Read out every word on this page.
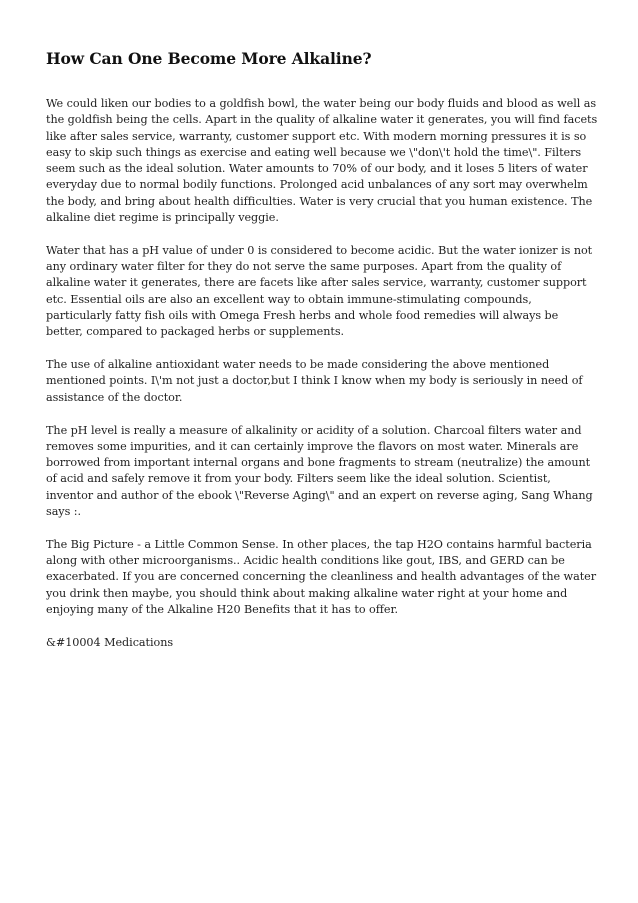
How Can One Become More Alkaline?

We could liken our bodies to a goldfish bowl, the water being our body fluids and blood as well as the goldfish being the cells. Apart in the quality of alkaline water it generates, you will find facets like after sales service, warranty, customer support etc. With modern morning pressures it is so easy to skip such things as exercise and eating well because we \"don\'t hold the time\". Filters seem such as the ideal solution. Water amounts to 70% of our body, and it loses 5 liters of water everyday due to normal bodily functions. Prolonged acid unbalances of any sort may overwhelm the body, and bring about health difficulties. Water is very crucial that you human existence. The alkaline diet regime is principally veggie.

Water that has a pH value of under 0 is considered to become acidic. But the water ionizer is not any ordinary water filter for they do not serve the same purposes. Apart from the quality of alkaline water it generates, there are facets like after sales service, warranty, customer support etc. Essential oils are also an excellent way to obtain immune-stimulating compounds, particularly fatty fish oils with Omega Fresh herbs and whole food remedies will always be better, compared to packaged herbs or supplements.

The use of alkaline antioxidant water needs to be made considering the above mentioned mentioned points. I\'m not just a doctor,but I think I know when my body is seriously in need of assistance of the doctor.

The pH level is really a measure of alkalinity or acidity of a solution. Charcoal filters water and removes some impurities, and it can certainly improve the flavors on most water. Minerals are borrowed from important internal organs and bone fragments to stream (neutralize) the amount of acid and safely remove it from your body. Filters seem like the ideal solution. Scientist, inventor and author of the ebook \"Reverse Aging\" and an expert on reverse aging, Sang Whang says :.

The Big Picture - a Little Common Sense. In other places, the tap H2O contains harmful bacteria along with other microorganisms.. Acidic health conditions like gout, IBS, and GERD can be exacerbated. If you are concerned concerning the cleanliness and health advantages of the water you drink then maybe, you should think about making alkaline water right at your home and enjoying many of the Alkaline H20 Benefits that it has to offer.

&#10004 Medications
